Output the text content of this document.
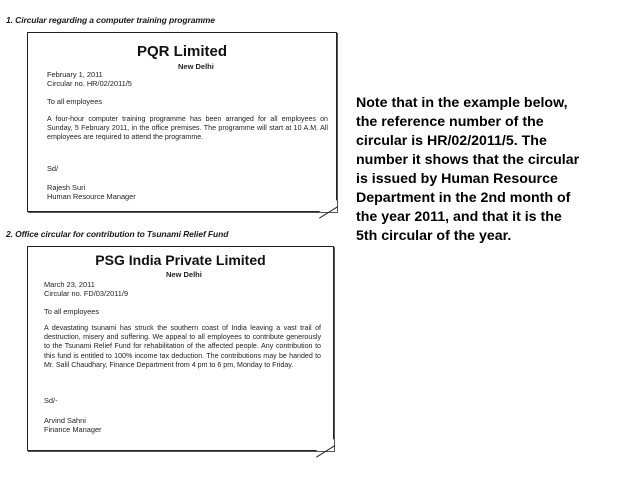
1. Circular regarding a computer training programme
PQR Limited
New Delhi
February 1, 2011
Circular no. HR/02/2011/5
To all employees
A four-hour computer training programme has been arranged for all employees on Sunday, 5 February 2011, in the office premises. The programme will start at 10 A.M. All employees are required to attend the programme.
Sd/
Rajesh Suri
Human Resource Manager
2. Office circular for contribution to Tsunami Relief Fund
PSG India Private Limited
New Delhi
March 23, 2011
Circular no. FD/03/2011/9
To all employees
A devastating tsunami has struck the southern coast of India leaving a vast trail of destruction, misery and suffering. We appeal to all employees to contribute generously to the Tsunami Relief Fund for rehabilitation of the affected people. Any contribution to this fund is entitled to 100% income tax deduction. The contributions may be handed to Mr. Salil Chaudhary, Finance Department from 4 pm to 6 pm, Monday to Friday.
Sd/-
Arvind Sahni
Finance Manager
Note that in the example below,
the reference number of the
circular is HR/02/2011/5. The
number it shows that the circular
is issued by Human Resource
Department in the 2nd month of
the year 2011, and that it is the
5th circular of the year.
